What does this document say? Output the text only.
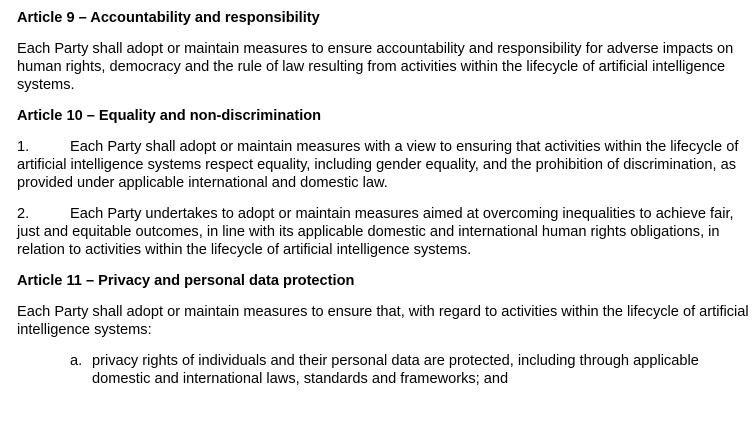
Article 9 – Accountability and responsibility

Each Party shall adopt or maintain measures to ensure accountability and responsibility for adverse impacts on human rights, democracy and the rule of law resulting from activities within the lifecycle of artificial intelligence systems.

Article 10 – Equality and non-discrimination

1.	Each Party shall adopt or maintain measures with a view to ensuring that activities within the lifecycle of artificial intelligence systems respect equality, including gender equality, and the prohibition of discrimination, as provided under applicable international and domestic law.

2.	Each Party undertakes to adopt or maintain measures aimed at overcoming inequalities to achieve fair, just and equitable outcomes, in line with its applicable domestic and international human rights obligations, in relation to activities within the lifecycle of artificial intelligence systems.

Article 11 – Privacy and personal data protection

Each Party shall adopt or maintain measures to ensure that, with regard to activities within the lifecycle of artificial intelligence systems:

a. privacy rights of individuals and their personal data are protected, including through applicable domestic and international laws, standards and frameworks; and
